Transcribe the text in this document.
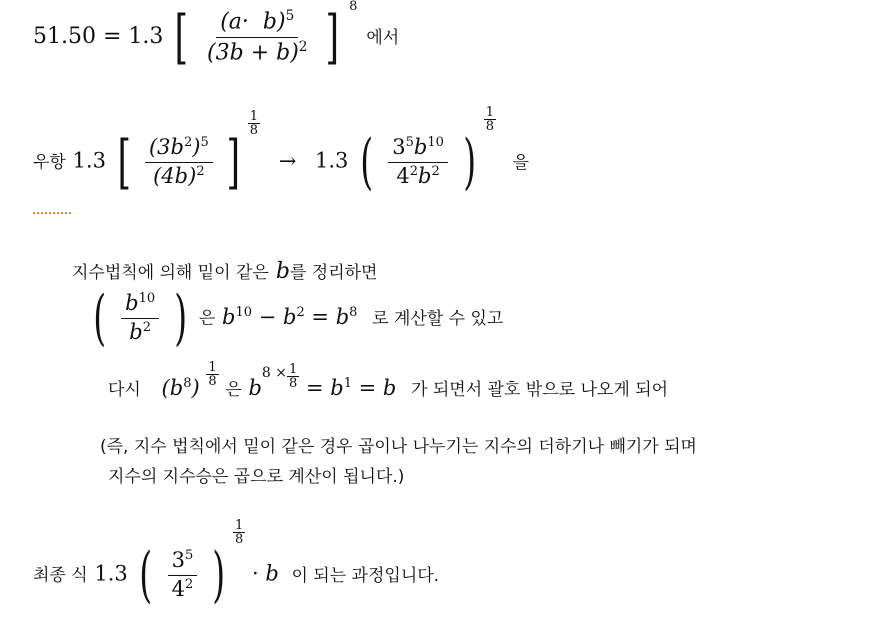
51.50 = 1.3 [ $\frac{(a\cdot b)^5}{(3b + b)^2}$ ] 8
에서
우항 1.3 [ $\frac{(3b^2)^5}{(4b)^2}$ ]
$\frac{1}{8}$
→ 1.3 ( $\frac{3^5b^{10}}{4^2b^2}$ )
$\frac{1}{8}$
을
지수법칙에 의해 밑이 같은 b를 정리하면
( $\frac{b^{10}}{b^2}$ ) 은 $b^{10} - b^2 = b^8$ 로 계산할 수 있고
다시 $(b^8) \frac{1}{8}$
은 $b8 \times \frac{1}{8} = b^1 = b$ 가 되면서 괄호 밖으로 나오게 되어
(즉, 지수 법칙에서 밑이 같은 경우 곱이나 나누기는 지수의 더하기나 빼기가 되며
지수의 지수승은 곱으로 계산이 됩니다.)
최종 식 1.3 ( $\frac{3^5}{4^2}$ )
$\frac{1}{8}$
· b 이 되는 과정입니다.
